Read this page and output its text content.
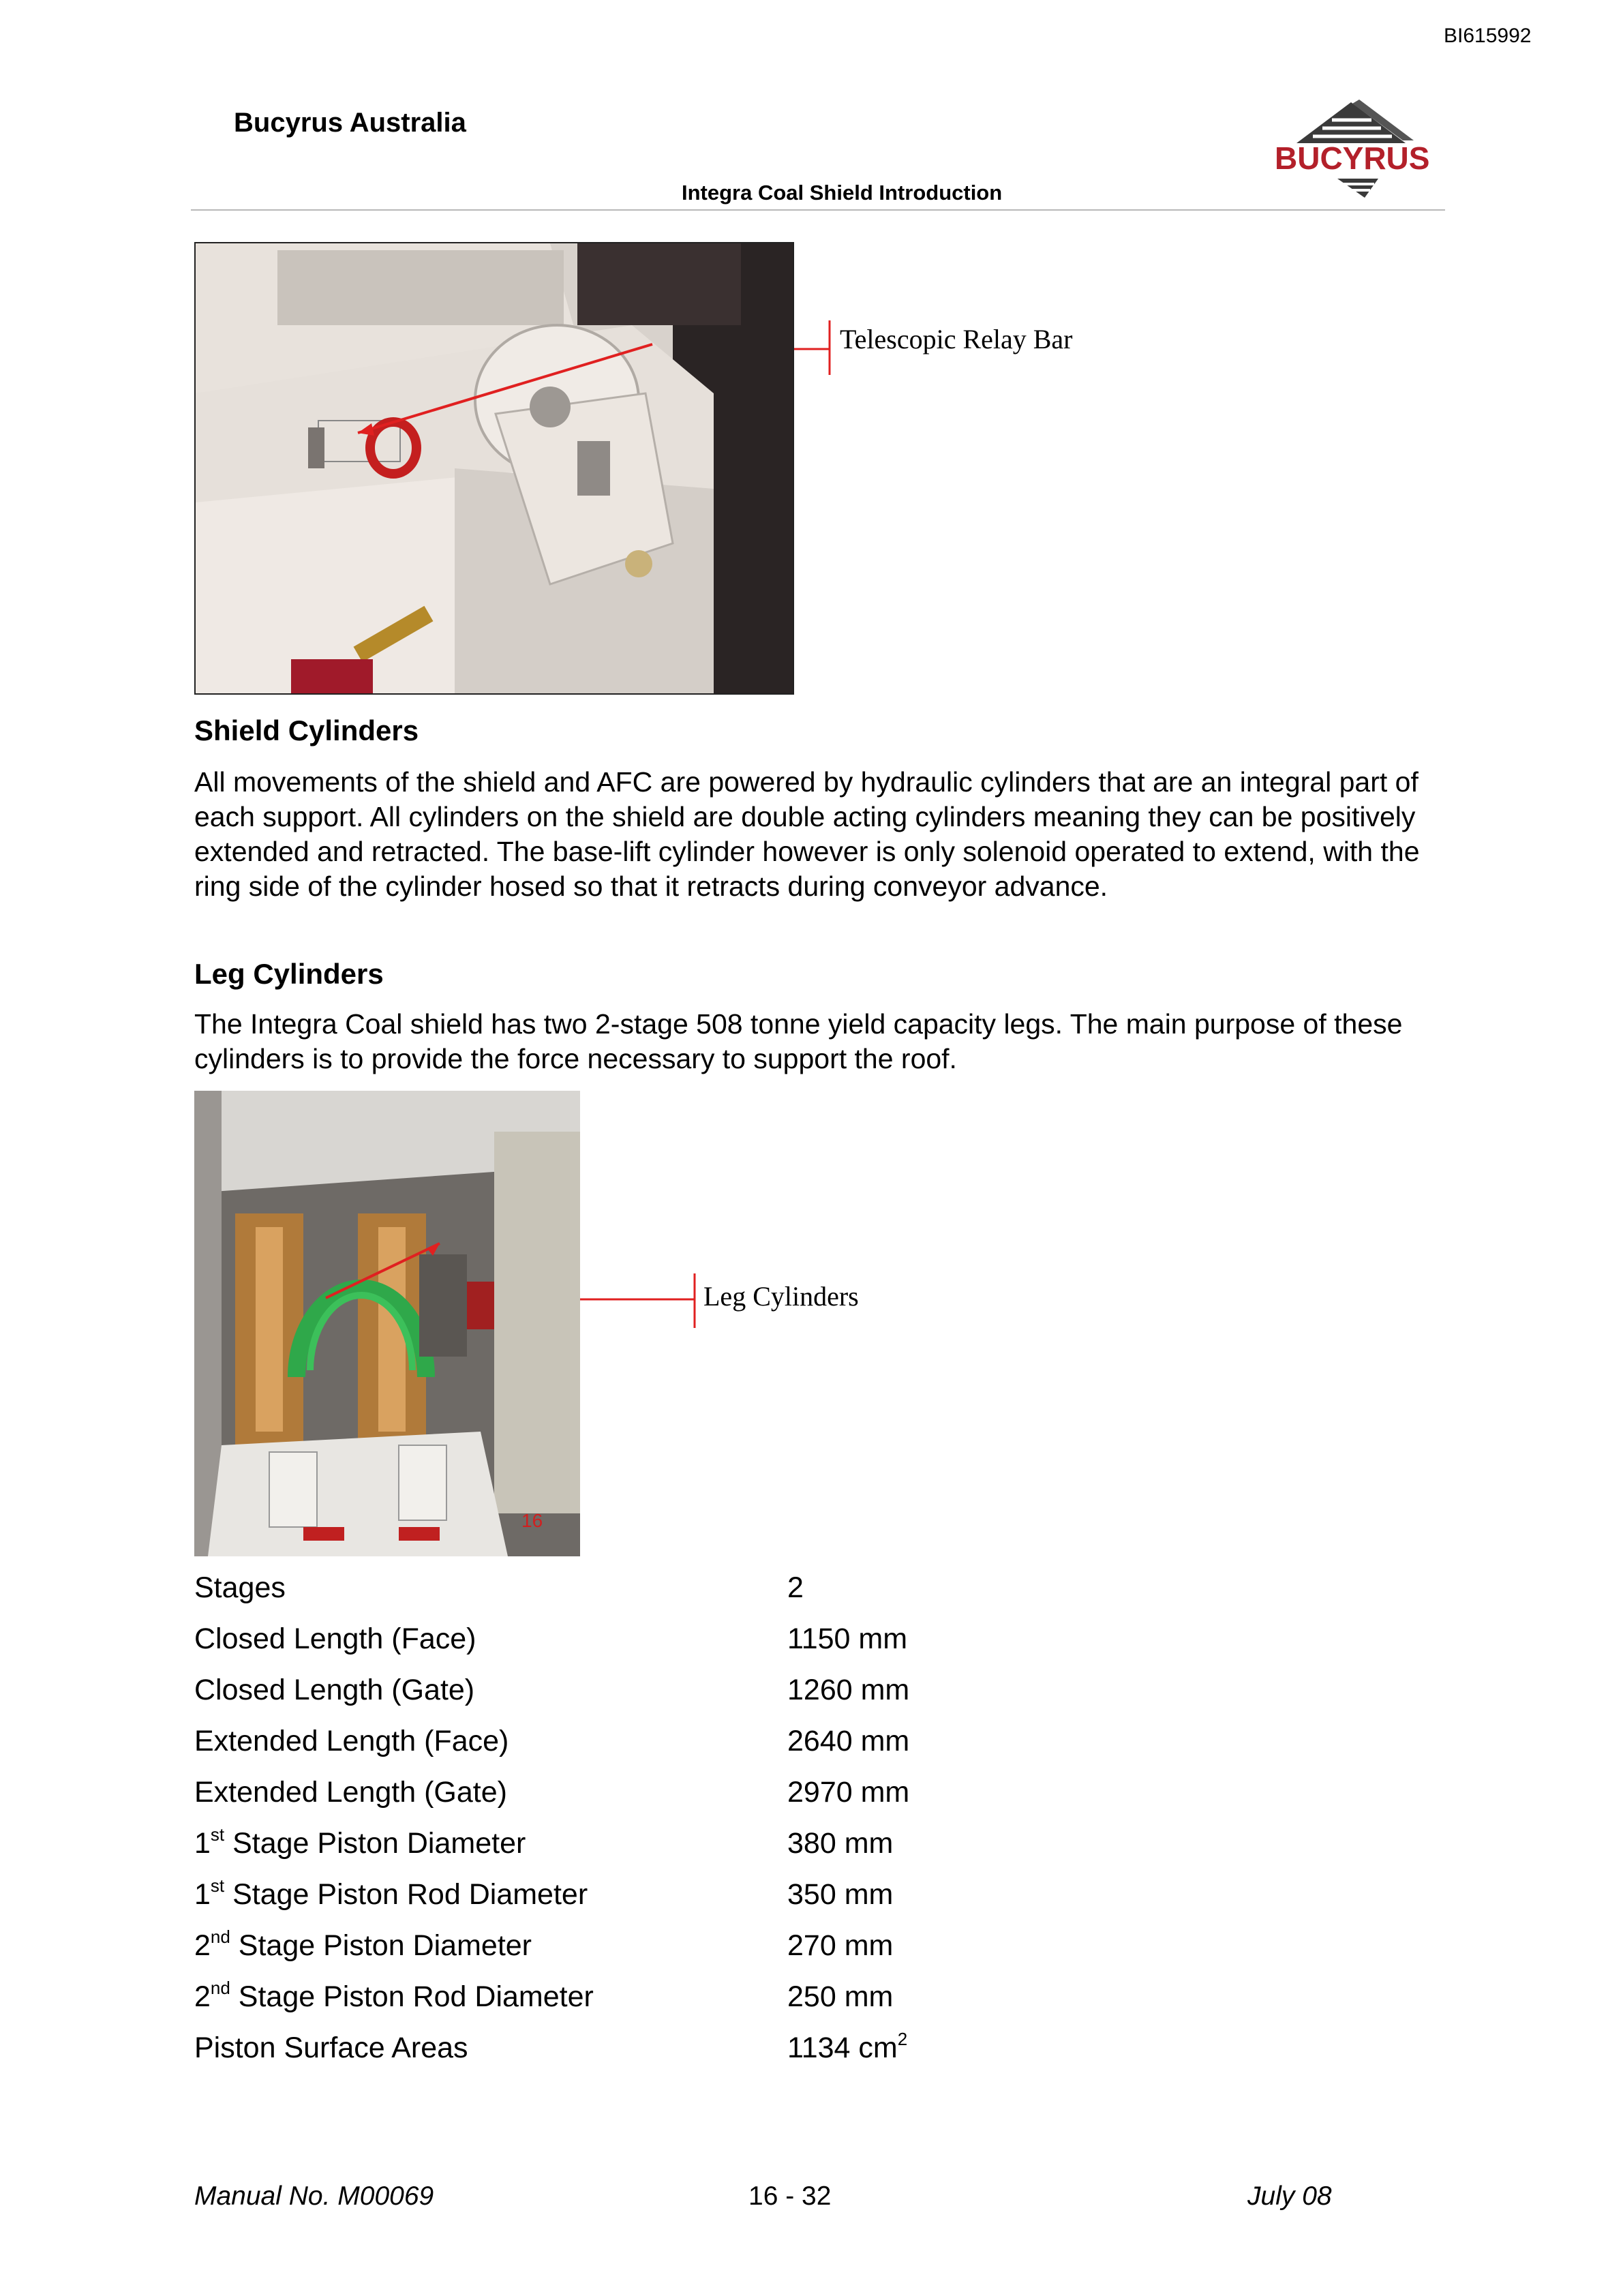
BI615992
Bucyrus Australia
Integra Coal Shield Introduction
BUCYRUS
Telescopic Relay Bar
Shield Cylinders
All movements of the shield and AFC are powered by hydraulic cylinders that are an integral part of each support. All cylinders on the shield are double acting cylinders meaning they can be positively extended and retracted. The base-lift cylinder however is only solenoid operated to extend, with the ring side of the cylinder hosed so that it retracts during conveyor advance.
Leg Cylinders
The Integra Coal shield has two 2-stage 508 tonne yield capacity legs. The main purpose of these cylinders is to provide the force necessary to support the roof.
16
Leg Cylinders
Stages	2
Closed Length (Face)	1150 mm
Closed Length (Gate)	1260 mm
Extended Length (Face)	2640 mm
Extended Length (Gate)	2970 mm
1st Stage Piston Diameter	380 mm
1st Stage Piston Rod Diameter	350 mm
2nd Stage Piston Diameter	270 mm
2nd Stage Piston Rod Diameter	250 mm
Piston Surface Areas	1134 $cm^2$
Manual No. M00069	16 - 32	July 08
